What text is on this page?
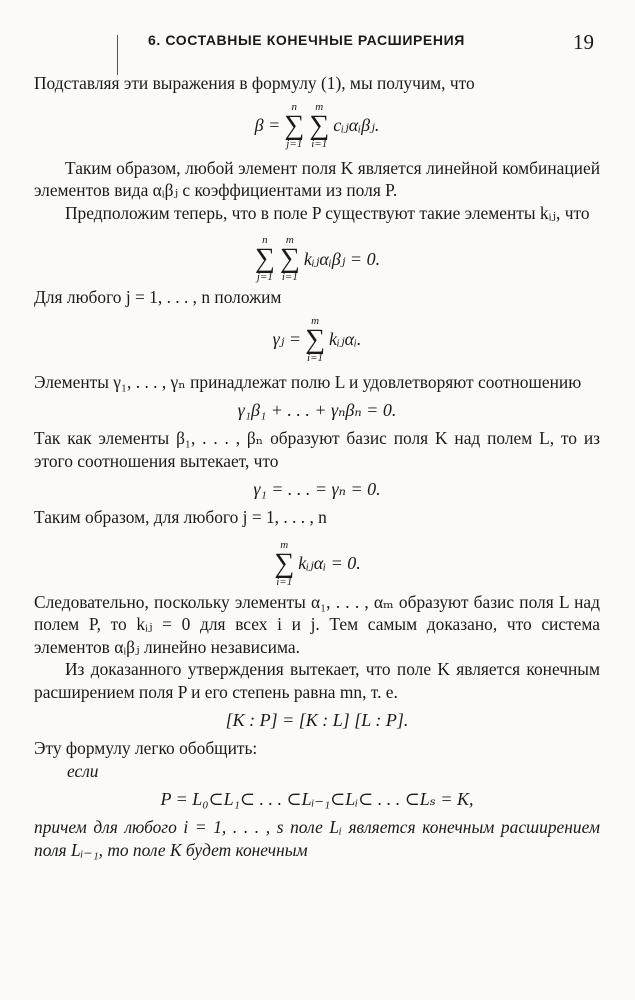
6. СОСТАВНЫЕ КОНЕЧНЫЕ РАСШИРЕНИЯ	19

Подставляя эти выражения в формулу (1), мы получим, что

β =
n
∑
j=1
m
∑
i=1
cᵢⱼαᵢβⱼ.

Таким образом, любой элемент поля K является линейной комбинацией элементов вида αᵢβⱼ с коэффициентами из поля P.

Предположим теперь, что в поле P существуют такие элементы kᵢⱼ, что

n
∑
j=1
m
∑
i=1
kᵢⱼαᵢβⱼ = 0.

Для любого j = 1, . . . , n положим

γⱼ =
m
∑
i=1
kᵢⱼαᵢ.

Элементы γ₁, . . . , γₙ принадлежат полю L и удовлетворяют соотношению

γ₁β₁ + . . . + γₙβₙ = 0.

Так как элементы β₁, . . . , βₙ образуют базис поля K над полем L, то из этого соотношения вытекает, что

γ₁ = . . . = γₙ = 0.

Таким образом, для любого j = 1, . . . , n

m
∑
i=1
kᵢⱼαᵢ = 0.

Следовательно, поскольку элементы α₁, . . . , αₘ образуют базис поля L над полем P, то kᵢⱼ = 0 для всех i и j. Тем самым доказано, что система элементов αᵢβⱼ линейно независима.

Из доказанного утверждения вытекает, что поле K является конечным расширением поля P и его степень равна mn, т. е.

[K : P] = [K : L] [L : P].

Эту формулу легко обобщить:

если

P = L₀⊂L₁⊂ . . . ⊂Lᵢ₋₁⊂Lᵢ⊂ . . . ⊂Lₛ = K,

причем для любого i = 1, . . . , s поле Lᵢ является конечным расширением поля Lᵢ₋₁, то поле K будет конечным
